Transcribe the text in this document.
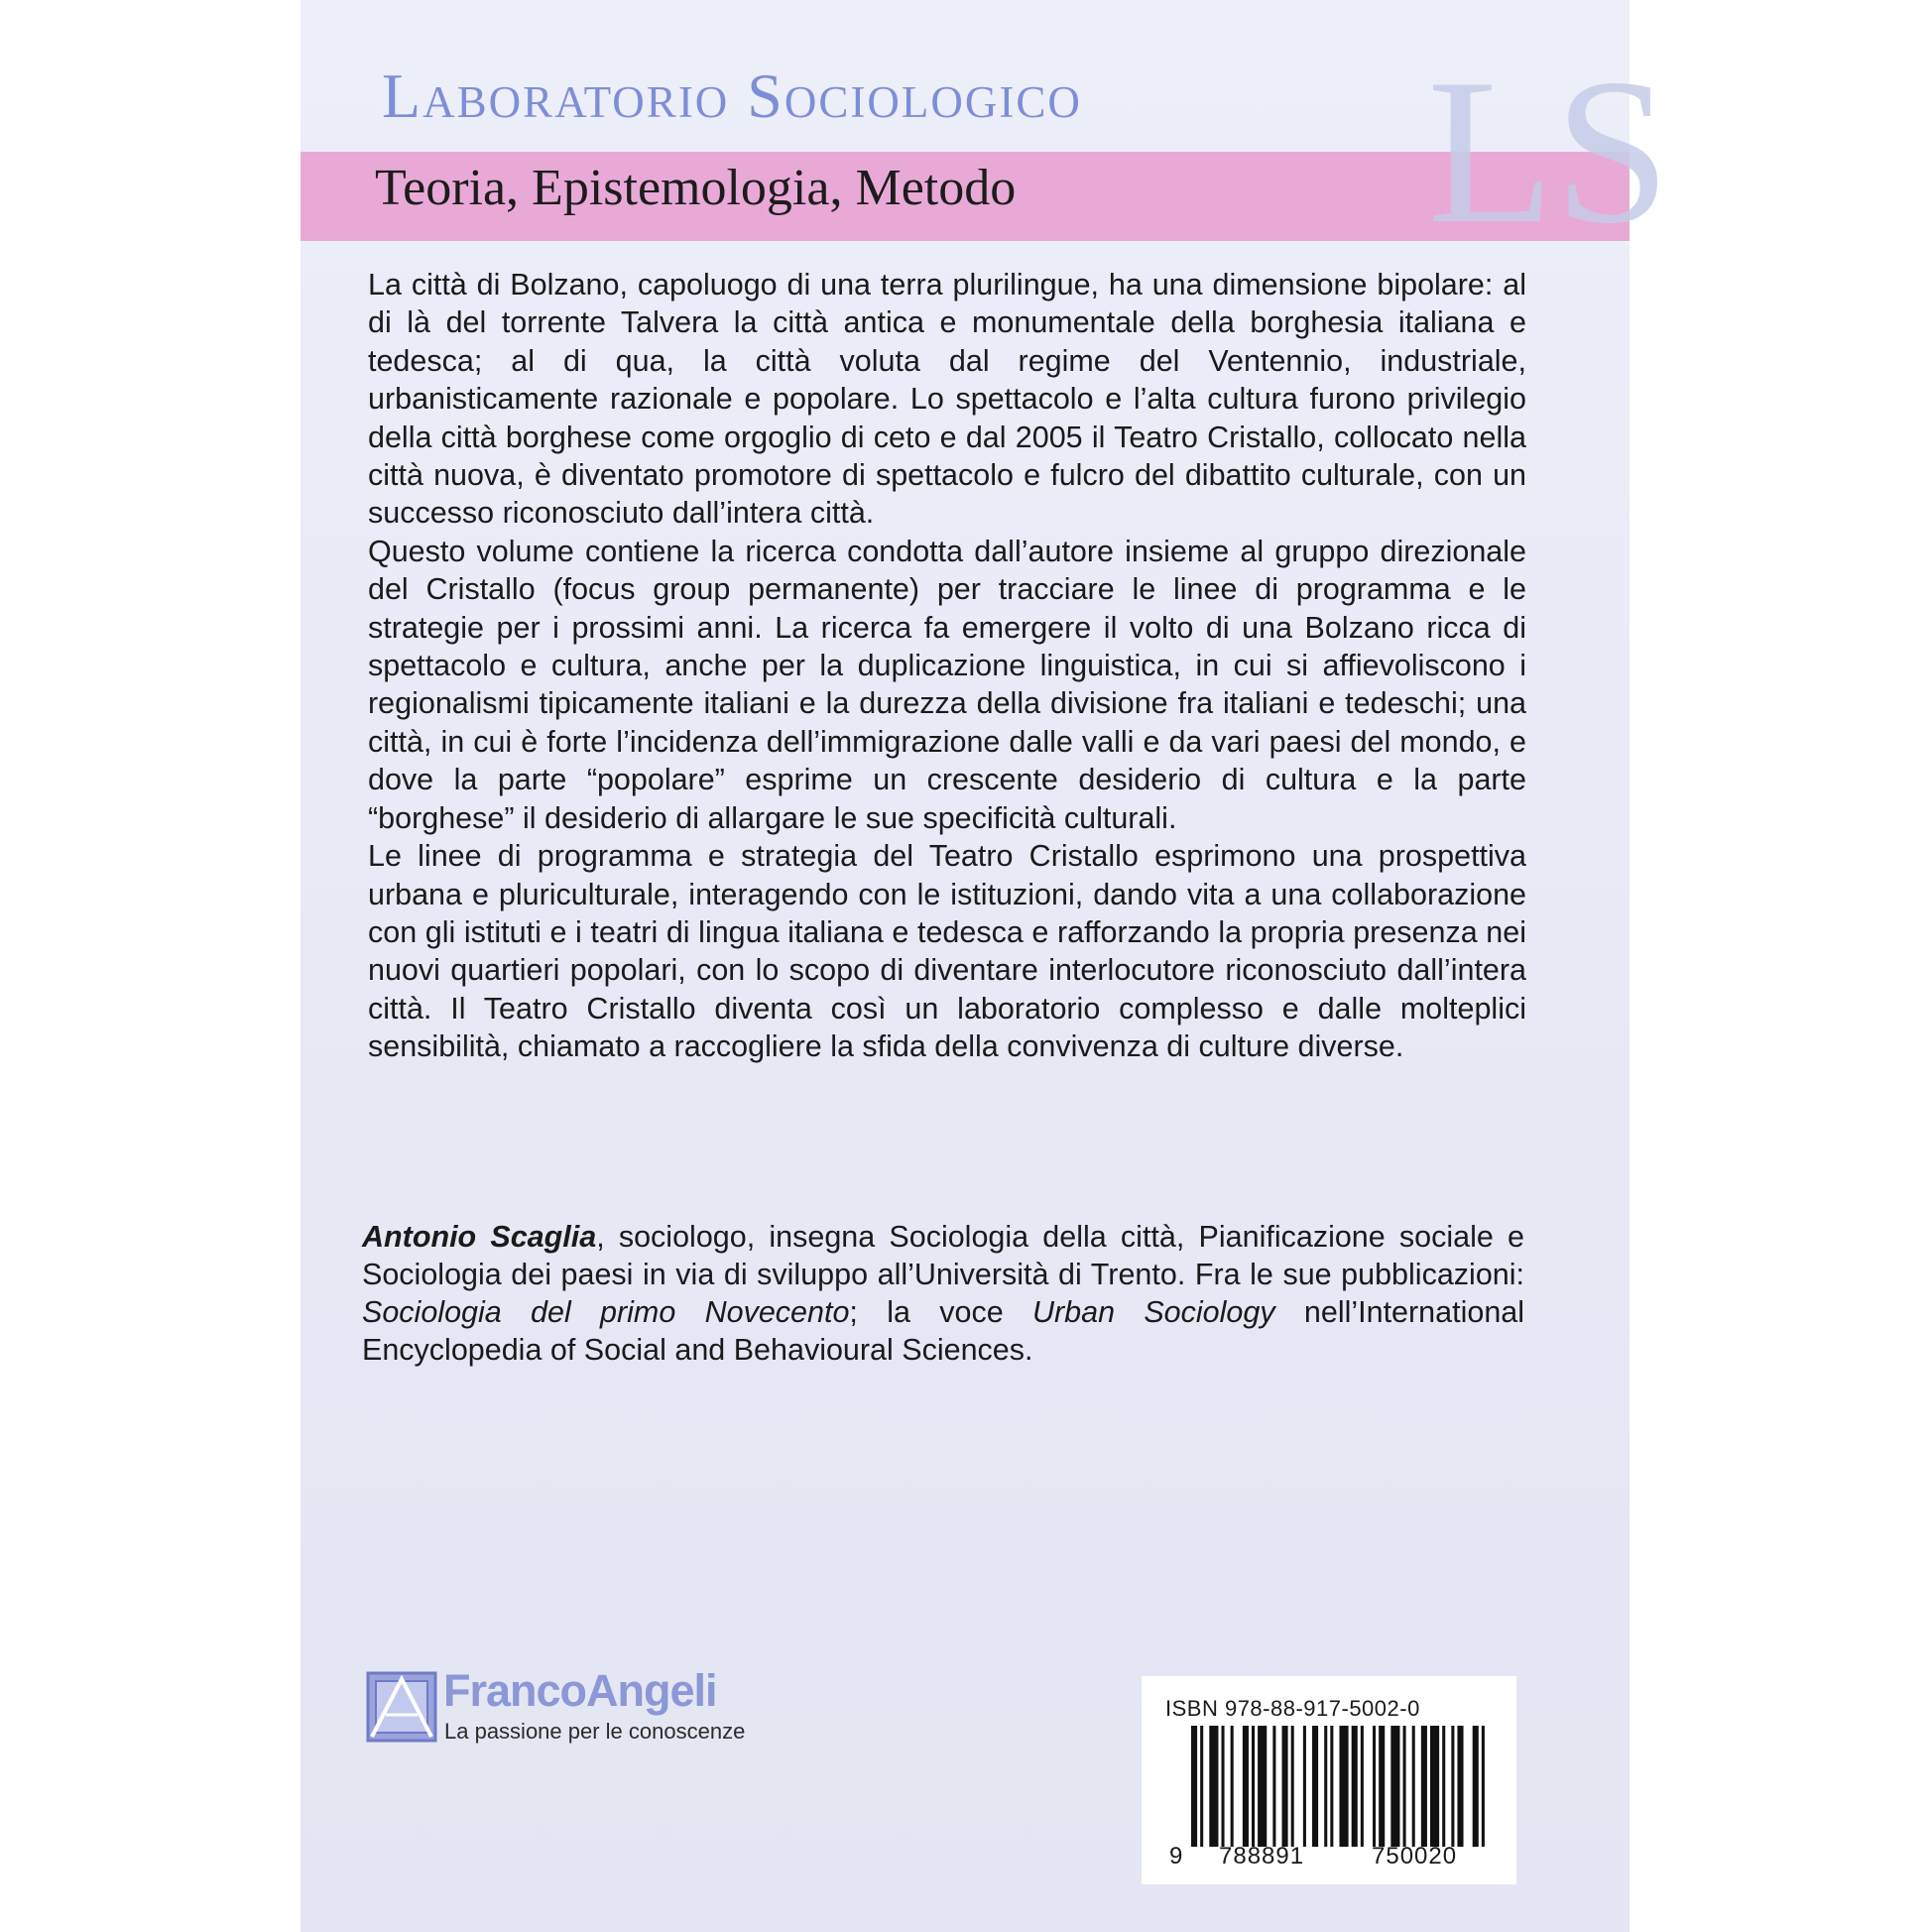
Laboratorio Sociologico
Teoria, Epistemologia, Metodo LS

La città di Bolzano, capoluogo di una terra plurilingue, ha una dimensione bipolare: al di là del torrente Talvera la città antica e monumentale della borghesia italiana e tedesca; al di qua, la città voluta dal regime del Ventennio, industriale, urbanisticamente razionale e popolare. Lo spettacolo e l’alta cultura furono privilegio della città borghese come orgoglio di ceto e dal 2005 il Teatro Cristallo, collocato nella città nuova, è diventato promotore di spettacolo e fulcro del dibattito culturale, con un successo riconosciuto dall’intera città.

Questo volume contiene la ricerca condotta dall’autore insieme al gruppo direzionale del Cristallo (focus group permanente) per tracciare le linee di programma e le strategie per i prossimi anni. La ricerca fa emergere il volto di una Bolzano ricca di spettacolo e cultura, anche per la duplicazione linguistica, in cui si affievoliscono i regionalismi tipicamente italiani e la durezza della divisione fra italiani e tedeschi; una città, in cui è forte l’incidenza dell’immigrazione dalle valli e da vari paesi del mondo, e dove la parte “popolare” esprime un crescente desiderio di cultura e la parte “borghese” il desiderio di allargare le sue specificità culturali.

Le linee di programma e strategia del Teatro Cristallo esprimono una prospettiva urbana e pluriculturale, interagendo con le istituzioni, dando vita a una collaborazione con gli istituti e i teatri di lingua italiana e tedesca e rafforzando la propria presenza nei nuovi quartieri popolari, con lo scopo di diventare interlocutore riconosciuto dall’intera città. Il Teatro Cristallo diventa così un laboratorio complesso e dalle molteplici sensibilità, chiamato a raccogliere la sfida della convivenza di culture diverse.

Antonio Scaglia, sociologo, insegna Sociologia della città, Pianificazione sociale e Sociologia dei paesi in via di sviluppo all’Università di Trento. Fra le sue pubblicazioni: Sociologia del primo Novecento; la voce Urban Sociology nell’International Encyclopedia of Social and Behavioural Sciences.

FrancoAngeli
La passione per le conoscenze
ISBN 978-88-917-5002-0
9 788891	750020
